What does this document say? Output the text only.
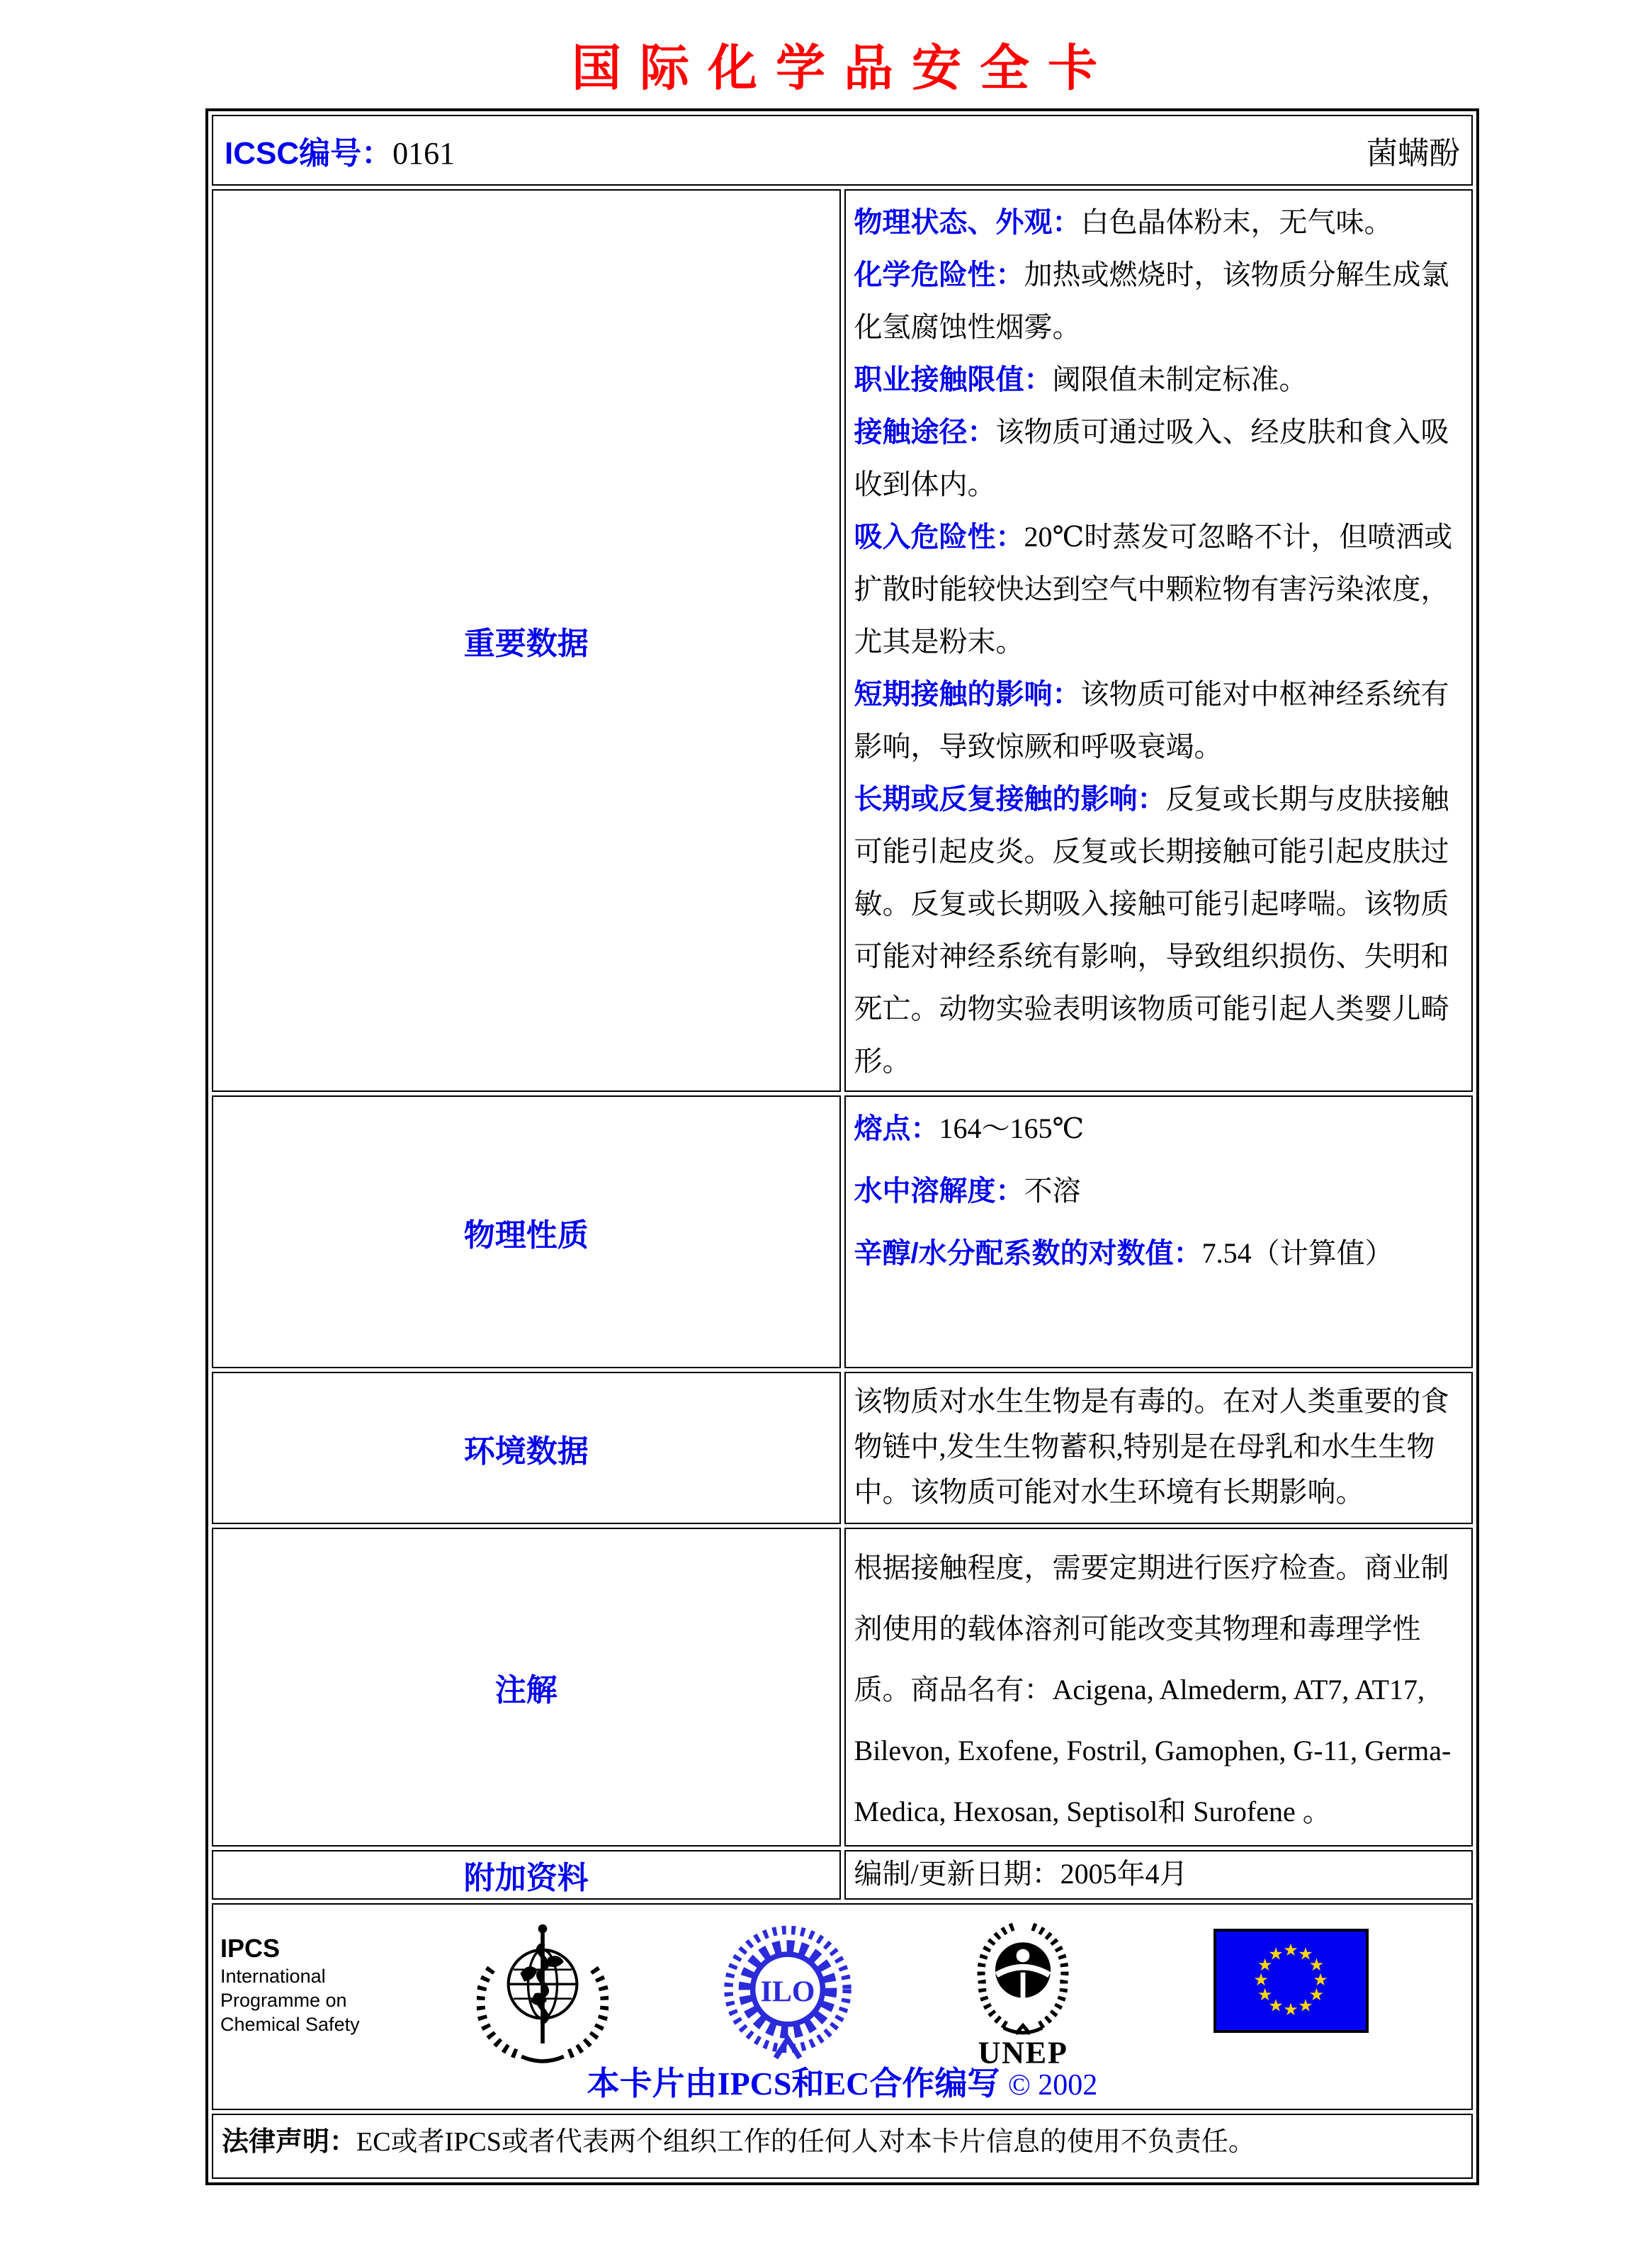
国际化学品安全卡
菌螨酚
ICSC编号：0161	
重要数据	

物理状态、外观：白色晶体粉末，无气味。

化学危险性：加热或燃烧时，该物质分解生成氯化氢腐蚀性烟雾。

职业接触限值：阈限值未制定标准。

接触途径：该物质可通过吸入、经皮肤和食入吸收到体内。

吸入危险性：20℃时蒸发可忽略不计，但喷洒或扩散时能较快达到空气中颗粒物有害污染浓度，尤其是粉末。

短期接触的影响：该物质可能对中枢神经系统有影响，导致惊厥和呼吸衰竭。

长期或反复接触的影响：反复或长期与皮肤接触可能引起皮炎。反复或长期接触可能引起皮肤过敏。反复或长期吸入接触可能引起哮喘。该物质可能对神经系统有影响，导致组织损伤、失明和死亡。动物实验表明该物质可能引起人类婴儿畸形。

物理性质	熔点：164～165℃

水中溶解度：不溶

辛醇/水分配系数的对数值：7.54（计算值）

环境数据	该物质对水生生物是有毒的。在对人类重要的食物链中,发生生物蓄积,特别是在母乳和水生生物中。该物质可能对水生环境有长期影响。

注解	根据接触程度，需要定期进行医疗检查。商业制剂使用的载体溶剂可能改变其物理和毒理学性质。商品名有：Acigena, Almederm, AT7, AT17, Bilevon, Exofene, Fostril, Gamophen, G-11, Germa-Medica, Hexosan, Septisol和 Surofene 。

附加资料	编制/更新日期：2005年4月

IPCS
International
Programme on
Chemical Safety
ILO
UNEP
★ ★
★
★
★
★
★
★
★
★
★
★
本卡片由IPCS和EC合作编写 © 2002

法律声明：EC或者IPCS或者代表两个组织工作的任何人对本卡片信息的使用不负责任。	
